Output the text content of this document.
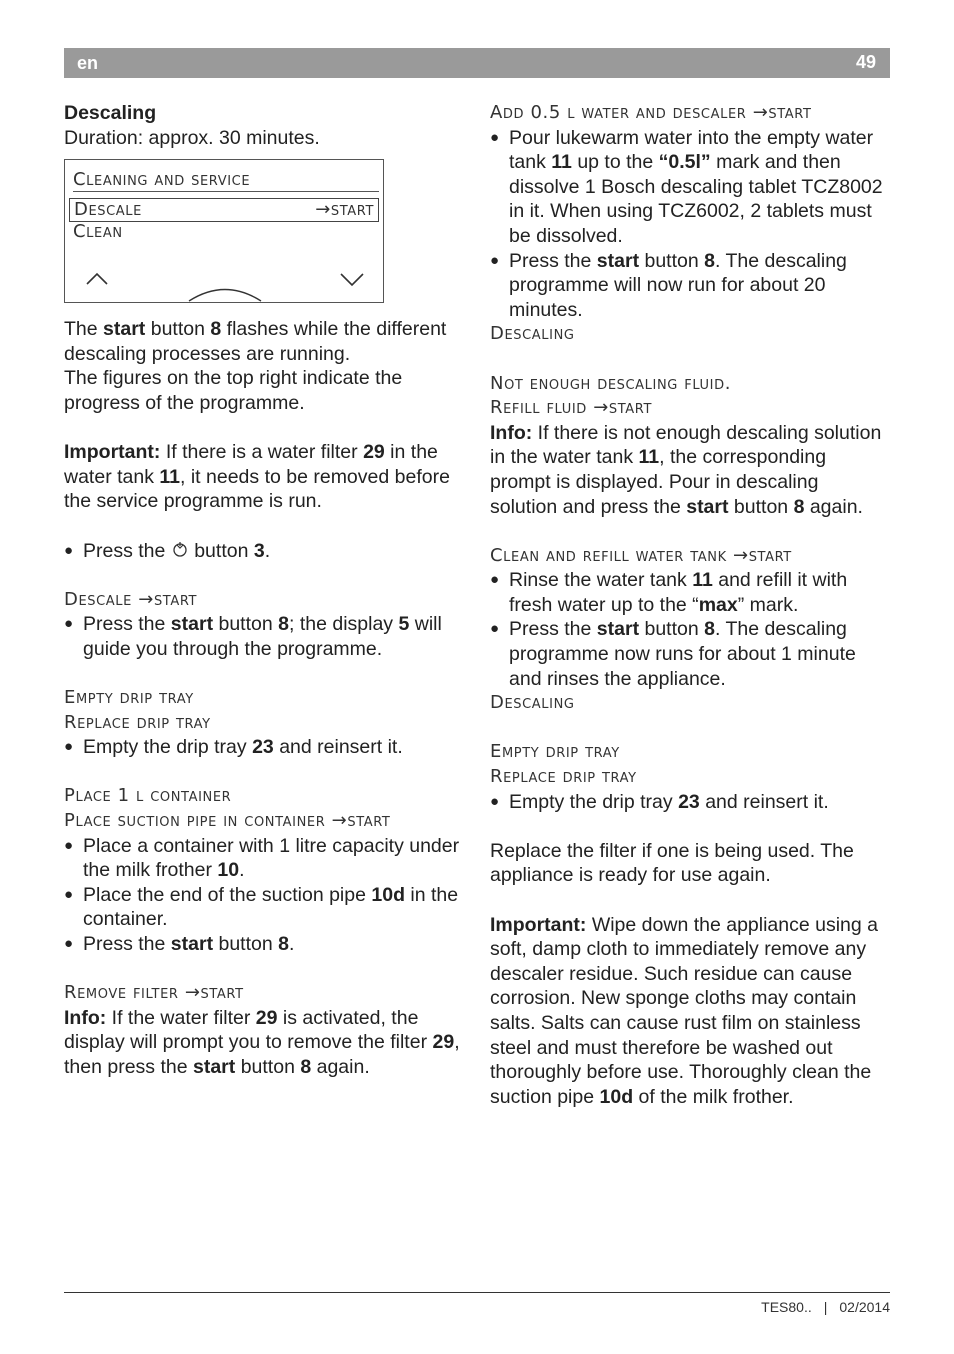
en	49

Descaling

Duration: approx. 30 minutes.

Cleaning and service
Descale	→start
Clean

The start button 8 flashes while the different descaling processes are running.

The figures on the top right indicate the progress of the programme.

Important: If there is a water filter 29 in the water tank 11, it needs to be removed before the service programme is run.

● Press the  button 3.

Descale →start

● Press the start button 8; the display 5 will guide you through the programme.

Empty drip tray

Replace drip tray

● Empty the drip tray 23 and reinsert it.

Place 1 l container

Place suction pipe in container →start

● Place a container with 1 litre capacity under the milk frother 10.
● Place the end of the suction pipe 10d in the container.
● Press the start button 8.

Remove filter →start

Info: If the water filter 29 is activated, the display will prompt you to remove the filter 29, then press the start button 8 again.

Add 0.5 l water and descaler →start

● Pour lukewarm water into the empty water tank 11 up to the “0.5l” mark and then dissolve 1 Bosch descaling tablet TCZ8002 in it. When using TCZ6002, 2 tablets must be dissolved.
● Press the start button 8. The descaling programme will now run for about 20 minutes.

Descaling

Not enough descaling fluid.

Refill fluid →start

Info: If there is not enough descaling solution in the water tank 11, the corresponding prompt is displayed. Pour in descaling solution and press the start button 8 again.

Clean and refill water tank →start

● Rinse the water tank 11 and refill it with fresh water up to the “max” mark.
● Press the start button 8. The descaling programme now runs for about 1 minute and rinses the appliance.

Descaling

Empty drip tray

Replace drip tray

● Empty the drip tray 23 and reinsert it.

Replace the filter if one is being used. The appliance is ready for use again.

Important: Wipe down the appliance using a soft, damp cloth to immediately remove any descaler residue. Such residue can cause corrosion. New sponge cloths may contain salts. Salts can cause rust film on stainless steel and must therefore be washed out thoroughly before use. Thoroughly clean the suction pipe 10d of the milk frother.

TES80.. | 02/2014
